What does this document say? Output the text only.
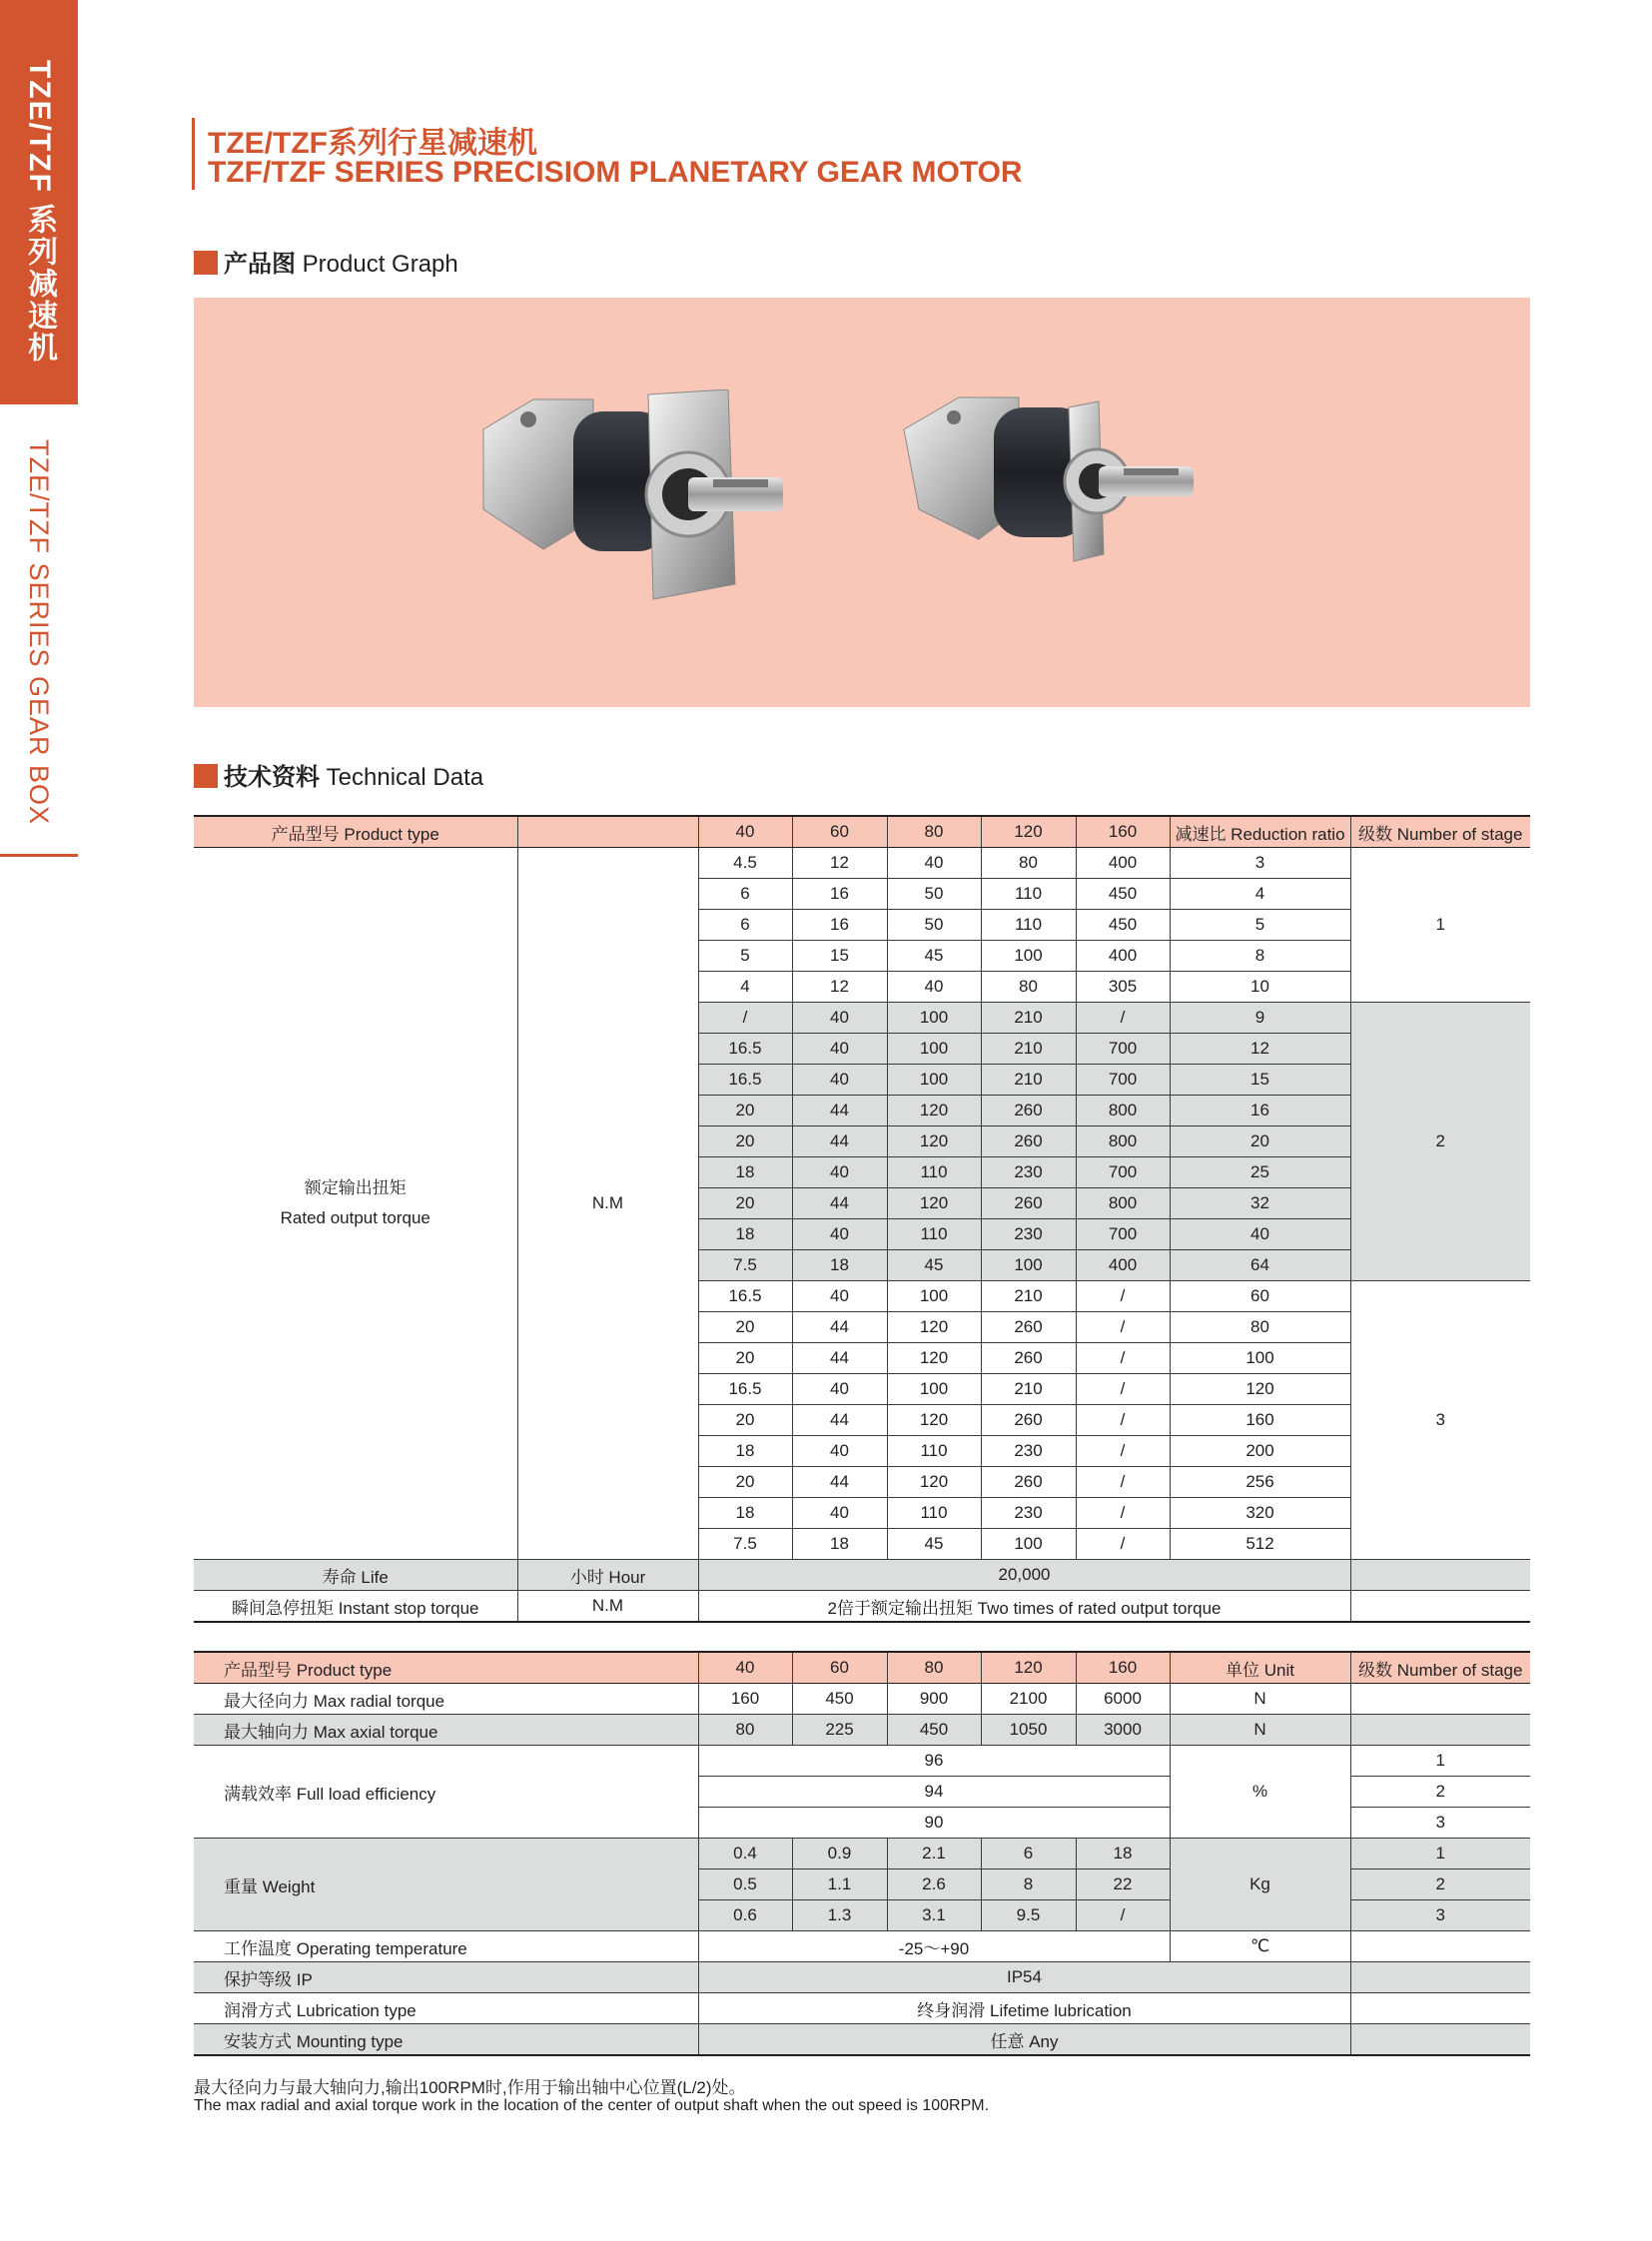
TZE/TZF 系列减速机
TZE/TZF SERIES GEAR BOX
TZE/TZF系列行星减速机
TZF/TZF SERIES PRECISIOM PLANETARY GEAR MOTOR
产品图 Product Graph
技术资料 Technical Data
产品型号 Product type		40	60	80	120	160	减速比 Reduction ratio	级数 Number of stage

额定输出扭矩
Rated output torque	N.M	4.5	12	40	80	400	3	1
		6	16	50	110	450	4	
		6	16	50	110	450	5	
		5	15	45	100	400	8	
		4	12	40	80	305	10	
		/	40	100	210	/	9	2
		16.5	40	100	210	700	12	
		16.5	40	100	210	700	15	
		20	44	120	260	800	16	
		20	44	120	260	800	20	
		18	40	110	230	700	25	
		20	44	120	260	800	32	
		18	40	110	230	700	40	
		7.5	18	45	100	400	64	
		16.5	40	100	210	/	60	3
		20	44	120	260	/	80	
		20	44	120	260	/	100	
		16.5	40	100	210	/	120	
		20	44	120	260	/	160	
		18	40	110	230	/	200	
		20	44	120	260	/	256	
		18	40	110	230	/	320	
		7.5	18	45	100	/	512	
寿命 Life	小时 Hour	20,000						
瞬间急停扭矩 Instant stop torque	N.M	2倍于额定输出扭矩 Two times of rated output torque						
产品型号 Product type	40	60	80	120	160	单位 Unit	级数 Number of stage
最大径向力 Max radial torque	160	450	900	2100	6000	N	
最大轴向力 Max axial torque	80	225	450	1050	3000	N	
满载效率 Full load efficiency	96					%	1
	94						2
	90						3
重量 Weight	0.4	0.9	2.1	6	18	Kg	1
	0.5	1.1	2.6	8	22		2
	0.6	1.3	3.1	9.5	/		3
工作温度 Operating temperature	-25～+90					℃	
保护等级 IP	IP54						
润滑方式 Lubrication type	终身润滑 Lifetime lubrication						
安装方式 Mounting type	任意 Any						
最大径向力与最大轴向力,输出100RPM时,作用于输出轴中心位置(L/2)处。
The max radial and axial torque work in the location of the center of output shaft when the out speed is 100RPM.
